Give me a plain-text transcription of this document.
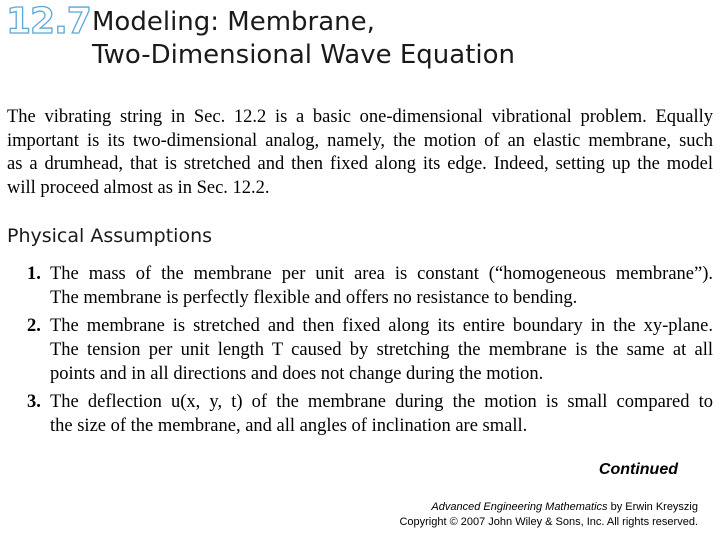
12.7 Modeling: Membrane,
Two-Dimensional Wave Equation
The vibrating string in Sec. 12.2 is a basic one-dimensional vibrational problem. Equally
important is its two-dimensional analog, namely, the motion of an elastic membrane, such
as a drumhead, that is stretched and then fixed along its edge. Indeed, setting up the model
will proceed almost as in Sec. 12.2.
Physical Assumptions
1. The mass of the membrane per unit area is constant (“homogeneous membrane”).
The membrane is perfectly flexible and offers no resistance to bending.
2. The membrane is stretched and then fixed along its entire boundary in the xy-plane.
The tension per unit length T caused by stretching the membrane is the same at all
points and in all directions and does not change during the motion.
3. The deflection u(x, y, t) of the membrane during the motion is small compared to
the size of the membrane, and all angles of inclination are small.
Continued
Advanced Engineering Mathematics by Erwin Kreyszig
Copyright © 2007 John Wiley & Sons, Inc. All rights reserved.
